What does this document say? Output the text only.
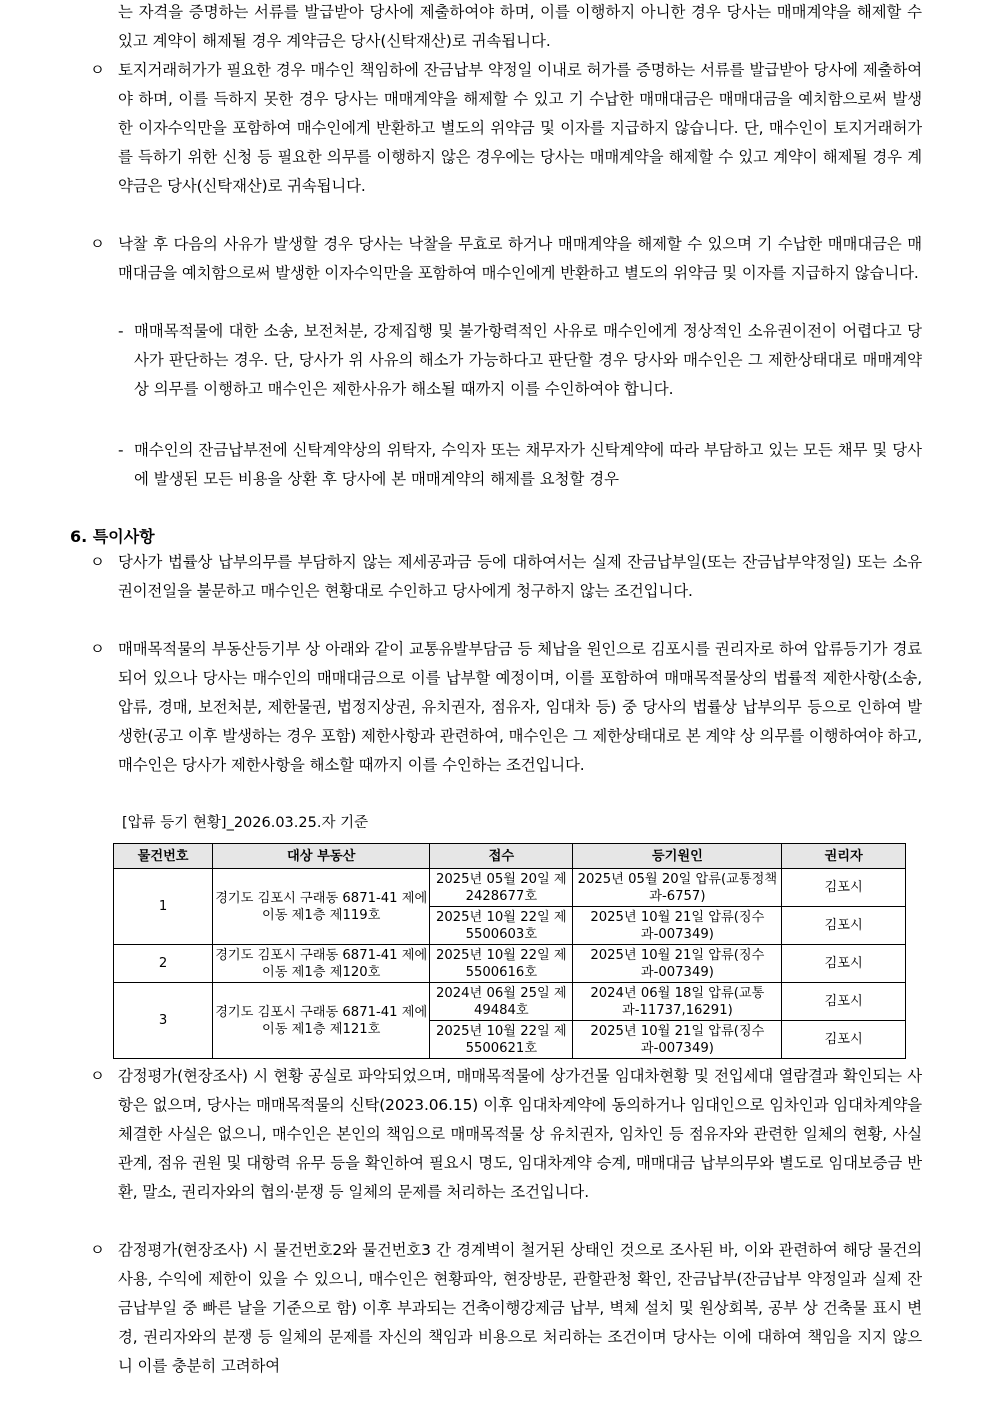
는 자격을 증명하는 서류를 발급받아 당사에 제출하여야 하며, 이를 이행하지 아니한 경우 당사는 매매계약을 해제할 수 있고 계약이 해제될 경우 계약금은 당사(신탁재산)로 귀속됩니다.
ㅇ 토지거래허가가 필요한 경우 매수인 책임하에 잔금납부 약정일 이내로 허가를 증명하는 서류를 발급받아 당사에 제출하여야 하며, 이를 득하지 못한 경우 당사는 매매계약을 해제할 수 있고 기 수납한 매매대금은 매매대금을 예치함으로써 발생한 이자수익만을 포함하여 매수인에게 반환하고 별도의 위약금 및 이자를 지급하지 않습니다. 단, 매수인이 토지거래허가를 득하기 위한 신청 등 필요한 의무를 이행하지 않은 경우에는 당사는 매매계약을 해제할 수 있고 계약이 해제될 경우 계약금은 당사(신탁재산)로 귀속됩니다.
ㅇ 낙찰 후 다음의 사유가 발생할 경우 당사는 낙찰을 무효로 하거나 매매계약을 해제할 수 있으며 기 수납한 매매대금은 매매대금을 예치함으로써 발생한 이자수익만을 포함하여 매수인에게 반환하고 별도의 위약금 및 이자를 지급하지 않습니다.
- 매매목적물에 대한 소송, 보전처분, 강제집행 및 불가항력적인 사유로 매수인에게 정상적인 소유권이전이 어렵다고 당사가 판단하는 경우. 단, 당사가 위 사유의 해소가 가능하다고 판단할 경우 당사와 매수인은 그 제한상태대로 매매계약상 의무를 이행하고 매수인은 제한사유가 해소될 때까지 이를 수인하여야 합니다.
- 매수인의 잔금납부전에 신탁계약상의 위탁자, 수익자 또는 채무자가 신탁계약에 따라 부담하고 있는 모든 채무 및 당사에 발생된 모든 비용을 상환 후 당사에 본 매매계약의 해제를 요청할 경우
6. 특이사항
ㅇ 당사가 법률상 납부의무를 부담하지 않는 제세공과금 등에 대하여서는 실제 잔금납부일(또는 잔금납부약정일) 또는 소유권이전일을 불문하고 매수인은 현황대로 수인하고 당사에게 청구하지 않는 조건입니다.
ㅇ 매매목적물의 부동산등기부 상 아래와 같이 교통유발부담금 등 체납을 원인으로 김포시를 권리자로 하여 압류등기가 경료되어 있으나 당사는 매수인의 매매대금으로 이를 납부할 예정이며, 이를 포함하여 매매목적물상의 법률적 제한사항(소송, 압류, 경매, 보전처분, 제한물권, 법정지상권, 유치권자, 점유자, 임대차 등) 중 당사의 법률상 납부의무 등으로 인하여 발생한(공고 이후 발생하는 경우 포함) 제한사항과 관련하여, 매수인은 그 제한상태대로 본 계약 상 의무를 이행하여야 하고, 매수인은 당사가 제한사항을 해소할 때까지 이를 수인하는 조건입니다.
[압류 등기 현황]_2026.03.25.자 기준
물건번호	대상 부동산	접수	등기원인	권리자
1	경기도 김포시 구래동 6871-41 제에이동 제1층 제119호	2025년 05월 20일 제2428677호	2025년 05월 20일 압류(교통정책과-6757)	김포시
		2025년 10월 22일 제5500603호	2025년 10월 21일 압류(징수과-007349)	김포시
2	경기도 김포시 구래동 6871-41 제에이동 제1층 제120호	2025년 10월 22일 제5500616호	2025년 10월 21일 압류(징수과-007349)	김포시
3	경기도 김포시 구래동 6871-41 제에이동 제1층 제121호	2024년 06월 25일 제49484호	2024년 06월 18일 압류(교통과-11737,16291)	김포시
		2025년 10월 22일 제5500621호	2025년 10월 21일 압류(징수과-007349)	김포시
ㅇ 감정평가(현장조사) 시 현황 공실로 파악되었으며, 매매목적물에 상가건물 임대차현황 및 전입세대 열람결과 확인되는 사항은 없으며, 당사는 매매목적물의 신탁(2023.06.15) 이후 임대차계약에 동의하거나 임대인으로 임차인과 임대차계약을 체결한 사실은 없으니, 매수인은 본인의 책임으로 매매목적물 상 유치권자, 임차인 등 점유자와 관련한 일체의 현황, 사실관계, 점유 권원 및 대항력 유무 등을 확인하여 필요시 명도, 임대차계약 승계, 매매대금 납부의무와 별도로 임대보증금 반환, 말소, 권리자와의 협의·분쟁 등 일체의 문제를 처리하는 조건입니다.
ㅇ 감정평가(현장조사) 시 물건번호2와 물건번호3 간 경계벽이 철거된 상태인 것으로 조사된 바, 이와 관련하여 해당 물건의 사용, 수익에 제한이 있을 수 있으니, 매수인은 현황파악, 현장방문, 관할관청 확인, 잔금납부(잔금납부 약정일과 실제 잔금납부일 중 빠른 날을 기준으로 함) 이후 부과되는 건축이행강제금 납부, 벽체 설치 및 원상회복, 공부 상 건축물 표시 변경, 권리자와의 분쟁 등 일체의 문제를 자신의 책임과 비용으로 처리하는 조건이며 당사는 이에 대하여 책임을 지지 않으니 이를 충분히 고려하여
